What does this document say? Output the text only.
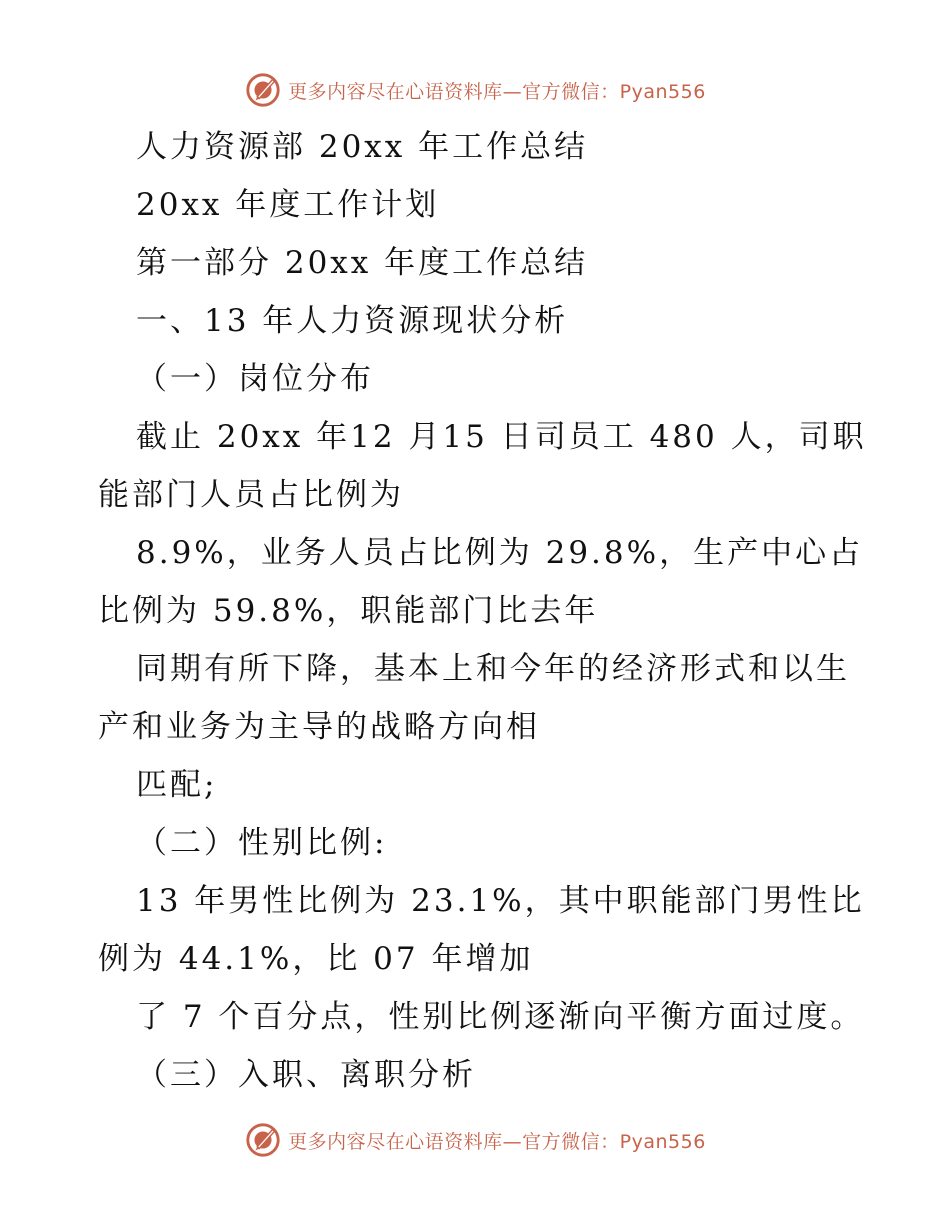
更多内容尽在心语资料库—官方微信：Pyan556
人力资源部 20xx 年工作总结
20xx 年度工作计划
第一部分 20xx 年度工作总结
一、13 年人力资源现状分析
（一）岗位分布
截止 20xx 年12 月15 日司员工 480 人，司职
能部门人员占比例为
8.9%，业务人员占比例为 29.8%，生产中心占
比例为 59.8%，职能部门比去年
同期有所下降，基本上和今年的经济形式和以生
产和业务为主导的战略方向相
匹配;
（二）性别比例:
13 年男性比例为 23.1%，其中职能部门男性比
例为 44.1%，比 07 年增加
了 7 个百分点，性别比例逐渐向平衡方面过度。
（三）入职、离职分析
更多内容尽在心语资料库—官方微信：Pyan556
